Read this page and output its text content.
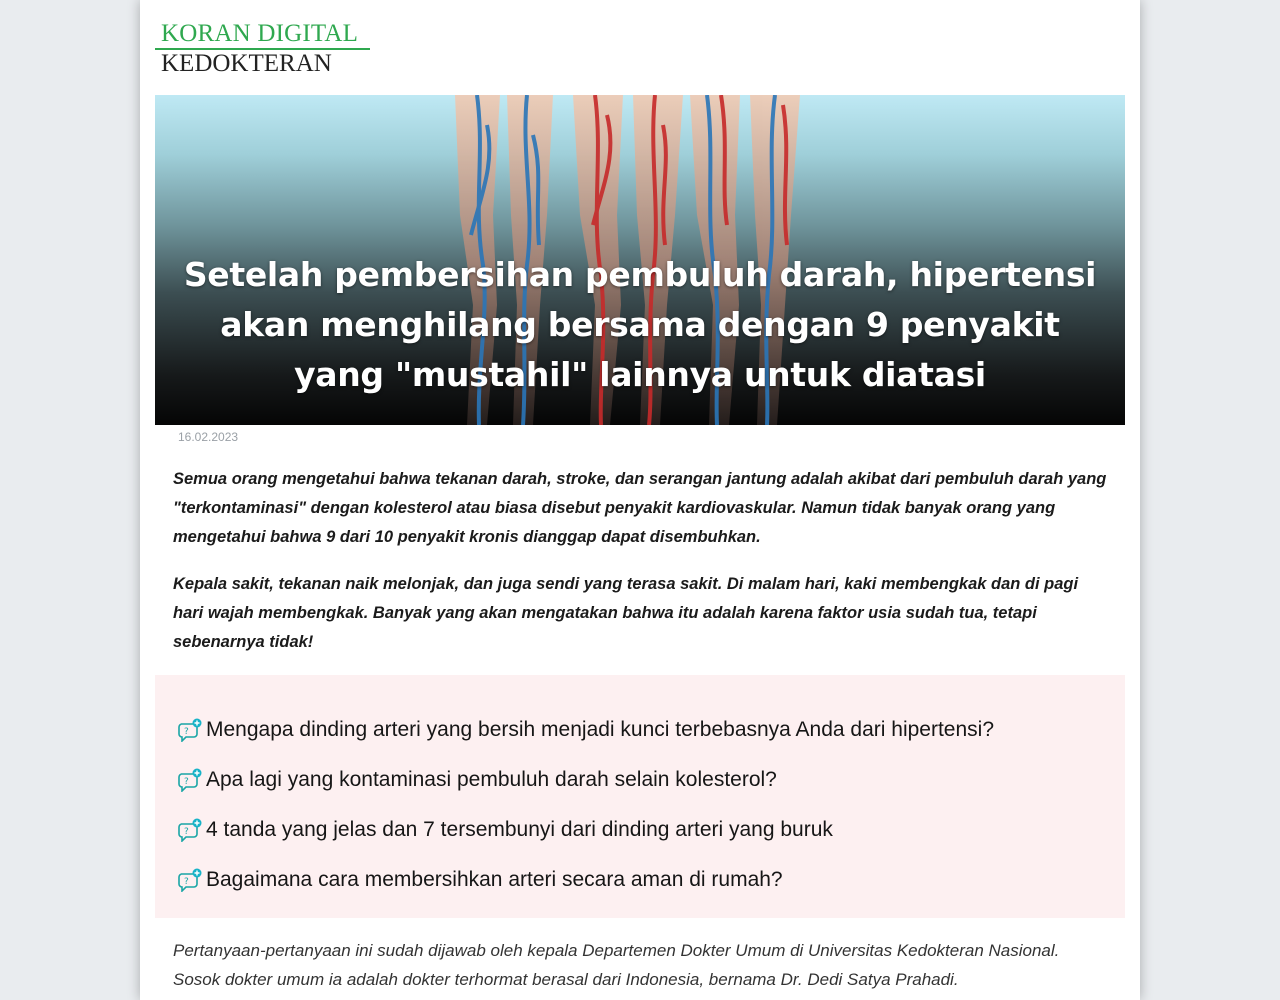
KORAN DIGITAL
KEDOKTERAN
Setelah pembersihan pembuluh darah, hipertensi akan menghilang bersama dengan 9 penyakit yang "mustahil" lainnya untuk diatasi
16.02.2023

Semua orang mengetahui bahwa tekanan darah, stroke, dan serangan jantung adalah akibat dari pembuluh darah yang "terkontaminasi" dengan kolesterol atau biasa disebut penyakit kardiovaskular. Namun tidak banyak orang yang mengetahui bahwa 9 dari 10 penyakit kronis dianggap dapat disembuhkan.

Kepala sakit, tekanan naik melonjak, dan juga sendi yang terasa sakit. Di malam hari, kaki membengkak dan di pagi hari wajah membengkak. Banyak yang akan mengatakan bahwa itu adalah karena faktor usia sudah tua, tetapi sebenarnya tidak!

? Mengapa dinding arteri yang bersih menjadi kunci terbebasnya Anda dari hipertensi?
? Apa lagi yang kontaminasi pembuluh darah selain kolesterol?
? 4 tanda yang jelas dan 7 tersembunyi dari dinding arteri yang buruk
? Bagaimana cara membersihkan arteri secara aman di rumah?
Pertanyaan-pertanyaan ini sudah dijawab oleh kepala Departemen Dokter Umum di Universitas Kedokteran Nasional. Sosok dokter umum ia adalah dokter terhormat berasal dari Indonesia, bernama Dr. Dedi Satya Prahadi.
